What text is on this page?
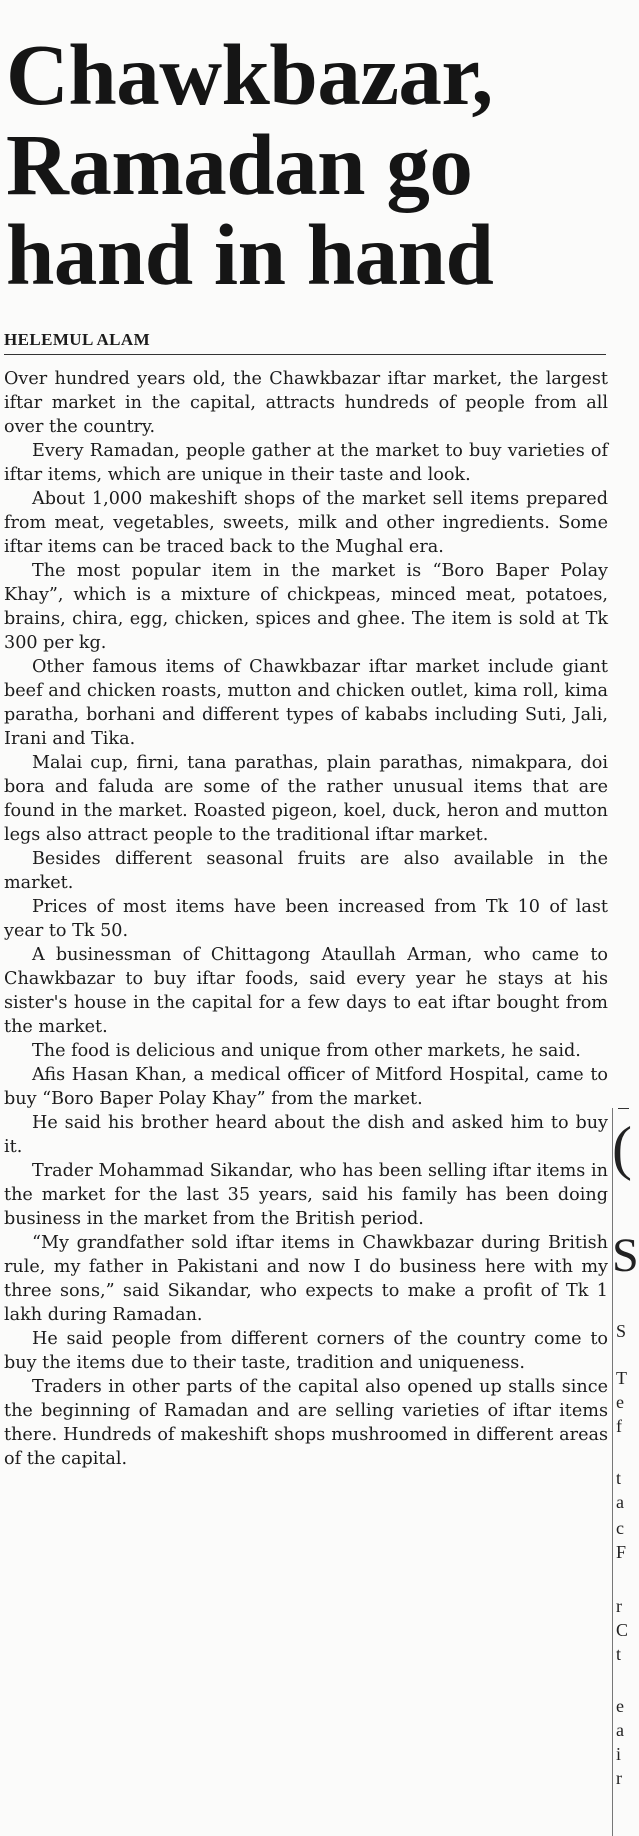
Chawkbazar,
Ramadan go
hand in hand
HELEMUL ALAM

Over hundred years old, the Chawkbazar iftar market, the largest iftar market in the capital, attracts hundreds of people from all over the country.

Every Ramadan, people gather at the market to buy varieties of iftar items, which are unique in their taste and look.

About 1,000 makeshift shops of the market sell items prepared from meat, vegetables, sweets, milk and other ingredients. Some iftar items can be traced back to the Mughal era.

The most popular item in the market is “Boro Baper Polay Khay”, which is a mixture of chickpeas, minced meat, potatoes, brains, chira, egg, chicken, spices and ghee. The item is sold at Tk 300 per kg.

Other famous items of Chawkbazar iftar market include giant beef and chicken roasts, mutton and chicken outlet, kima roll, kima paratha, borhani and different types of kababs including Suti, Jali, Irani and Tika.

Malai cup, firni, tana parathas, plain parathas, nimakpara, doi bora and faluda are some of the rather unusual items that are found in the market. Roasted pigeon, koel, duck, heron and mutton legs also attract people to the traditional iftar market.

Besides different seasonal fruits are also available in the market.

Prices of most items have been increased from Tk 10 of last year to Tk 50.

A businessman of Chittagong Ataullah Arman, who came to Chawkbazar to buy iftar foods, said every year he stays at his sister's house in the capital for a few days to eat iftar bought from the market.

The food is delicious and unique from other markets, he said.

Afis Hasan Khan, a medical officer of Mitford Hospital, came to buy “Boro Baper Polay Khay” from the market.

He said his brother heard about the dish and asked him to buy it.

Trader Mohammad Sikandar, who has been selling iftar items in the market for the last 35 years, said his family has been doing business in the market from the British period.

“My grandfather sold iftar items in Chawkbazar during British rule, my father in Pakistani and now I do business here with my three sons,” said Sikandar, who expects to make a profit of Tk 1 lakh during Ramadan.

He said people from different corners of the country come to buy the items due to their taste, tradition and uniqueness.

Traders in other parts of the capital also opened up stalls since the beginning of Ramadan and are selling varieties of iftar items there. Hundreds of makeshift shops mushroomed in different areas of the capital.

(
S
S
T
e
f
t
a
c
F
r
C
t
e
a
i
r
